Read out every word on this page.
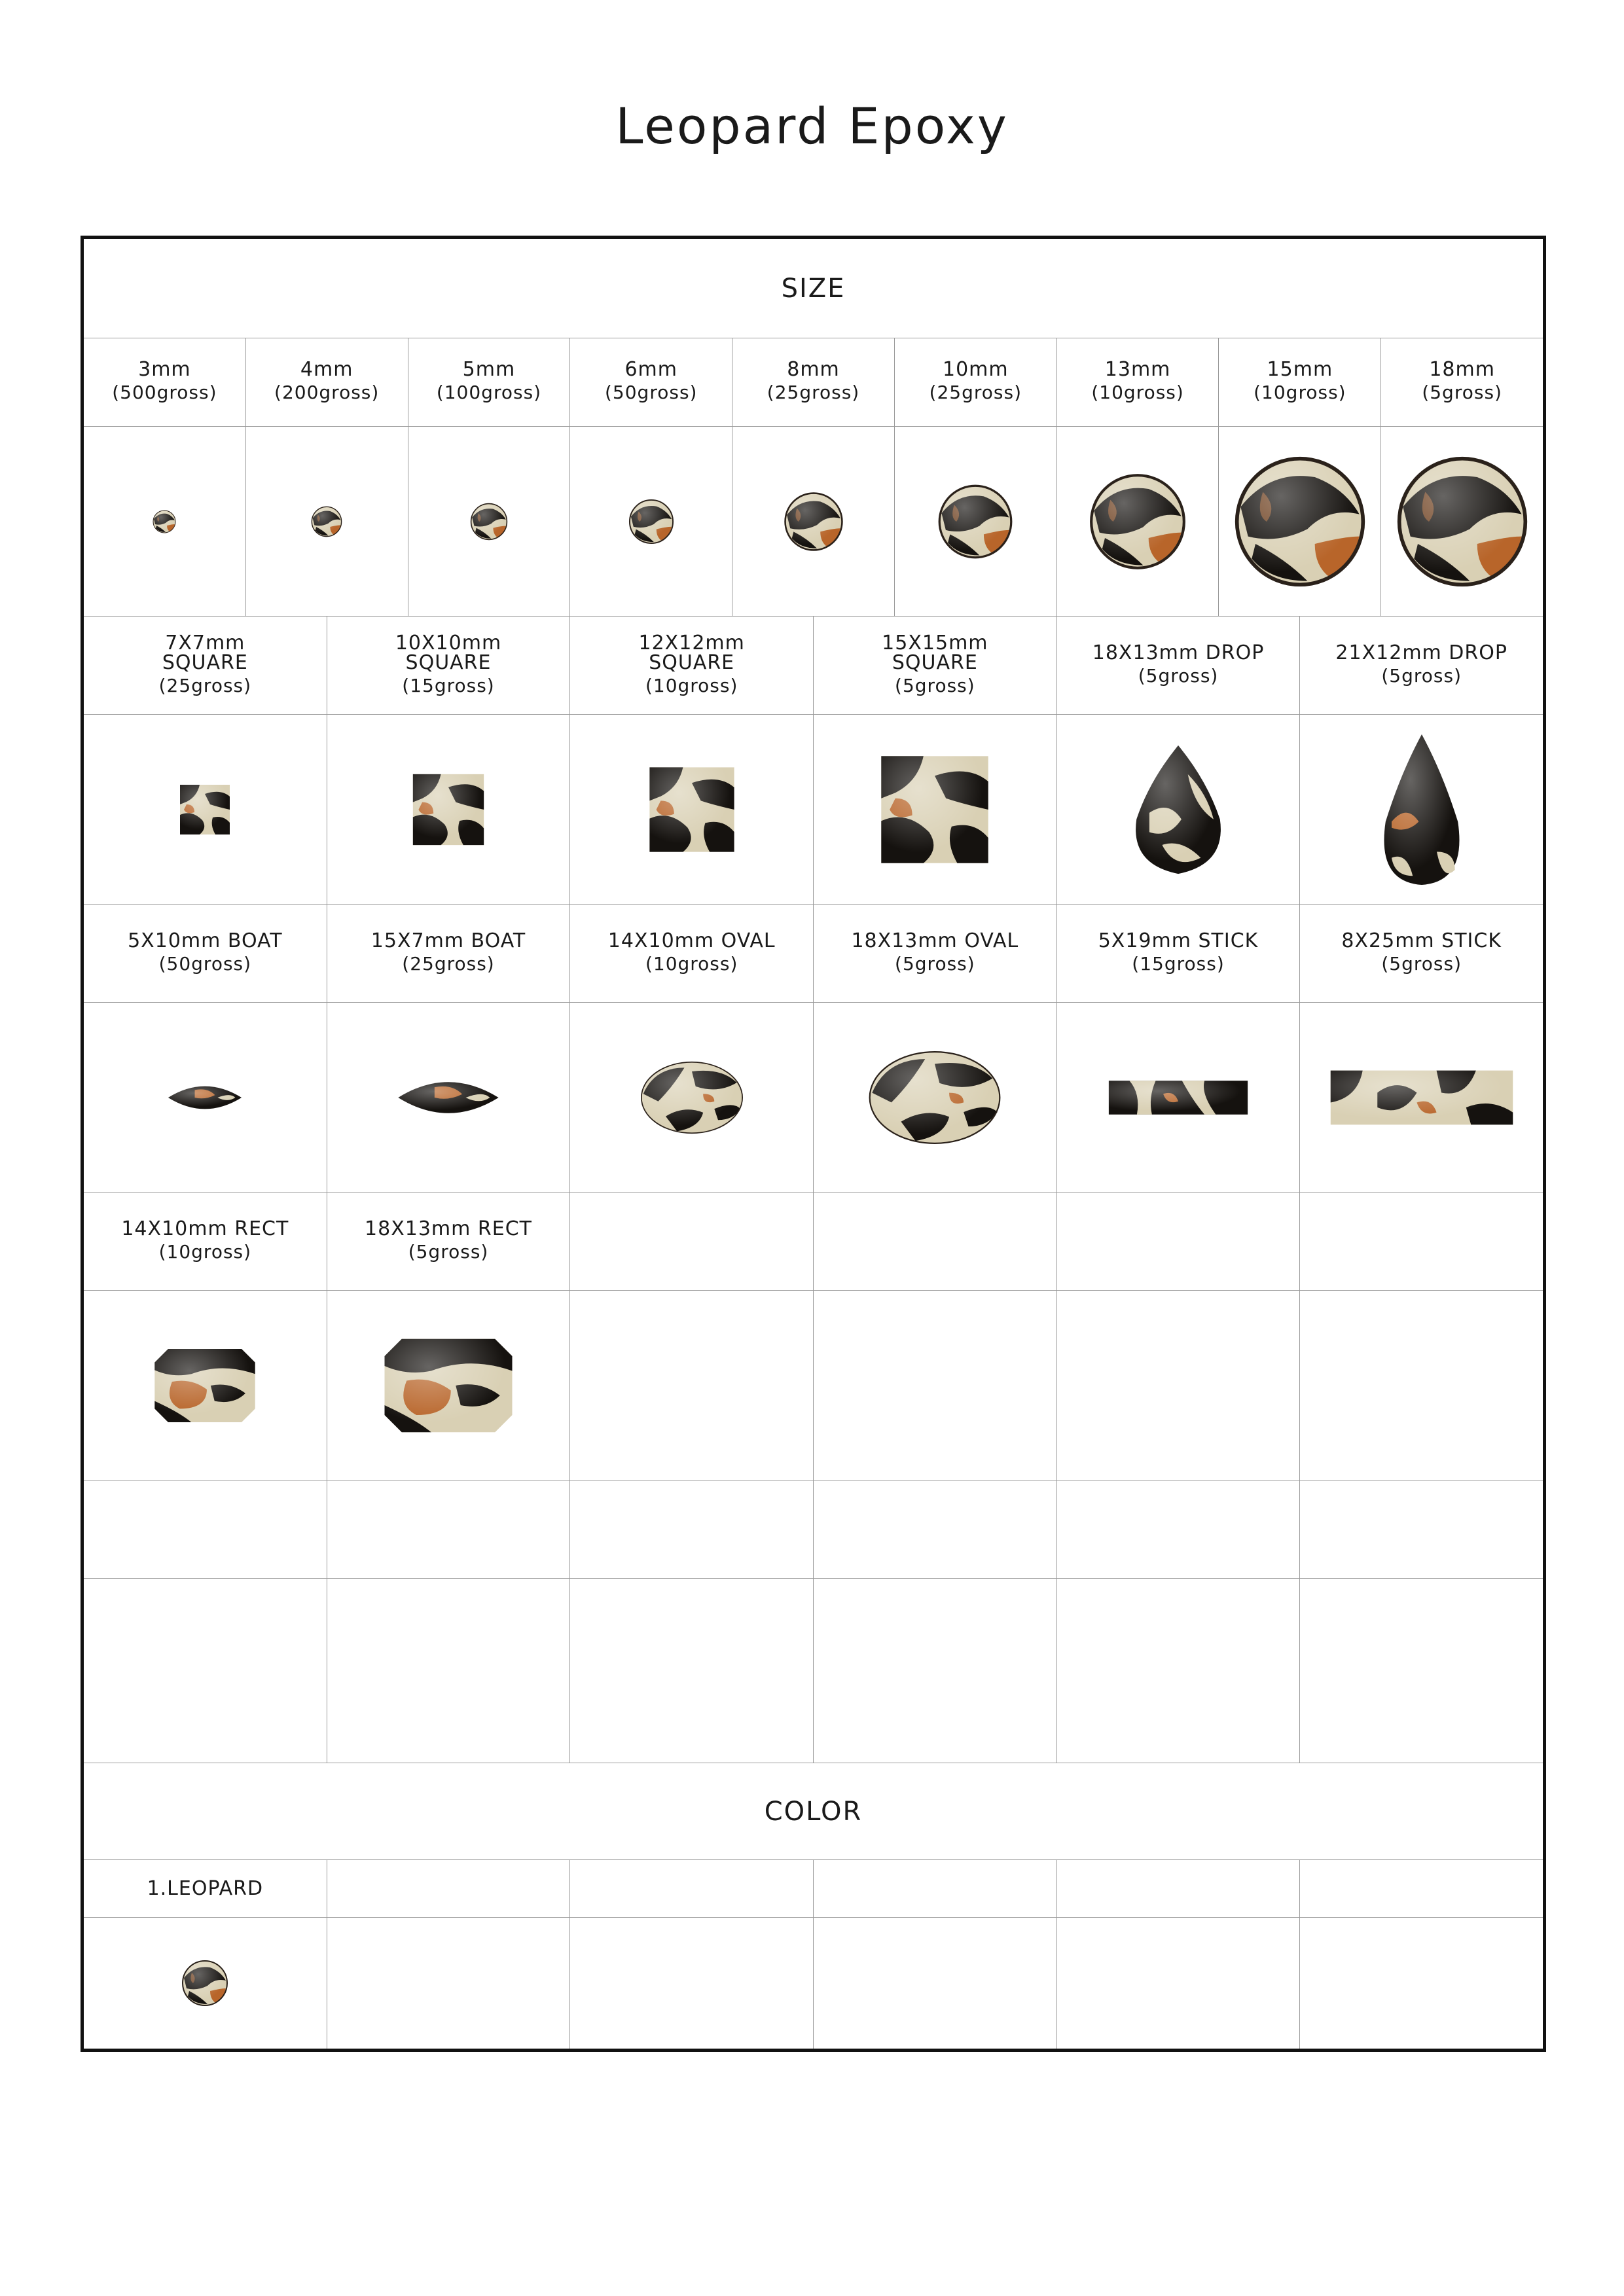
Leopard Epoxy
SIZE
3mm
(500gross)
4mm
(200gross)
5mm
(100gross)
6mm
(50gross)
8mm
(25gross)
10mm
(25gross)
13mm
(10gross)
15mm
(10gross)
18mm
(5gross)
7X7mm
SQUARE
(25gross)
10X10mm
SQUARE
(15gross)
12X12mm
SQUARE
(10gross)
15X15mm
SQUARE
(5gross)
18X13mm DROP
(5gross)
21X12mm DROP
(5gross)
5X10mm BOAT
(50gross)
15X7mm BOAT
(25gross)
14X10mm OVAL
(10gross)
18X13mm OVAL
(5gross)
5X19mm STICK
(15gross)
8X25mm STICK
(5gross)
14X10mm RECT
(10gross)
18X13mm RECT
(5gross)
COLOR
1.LEOPARD
